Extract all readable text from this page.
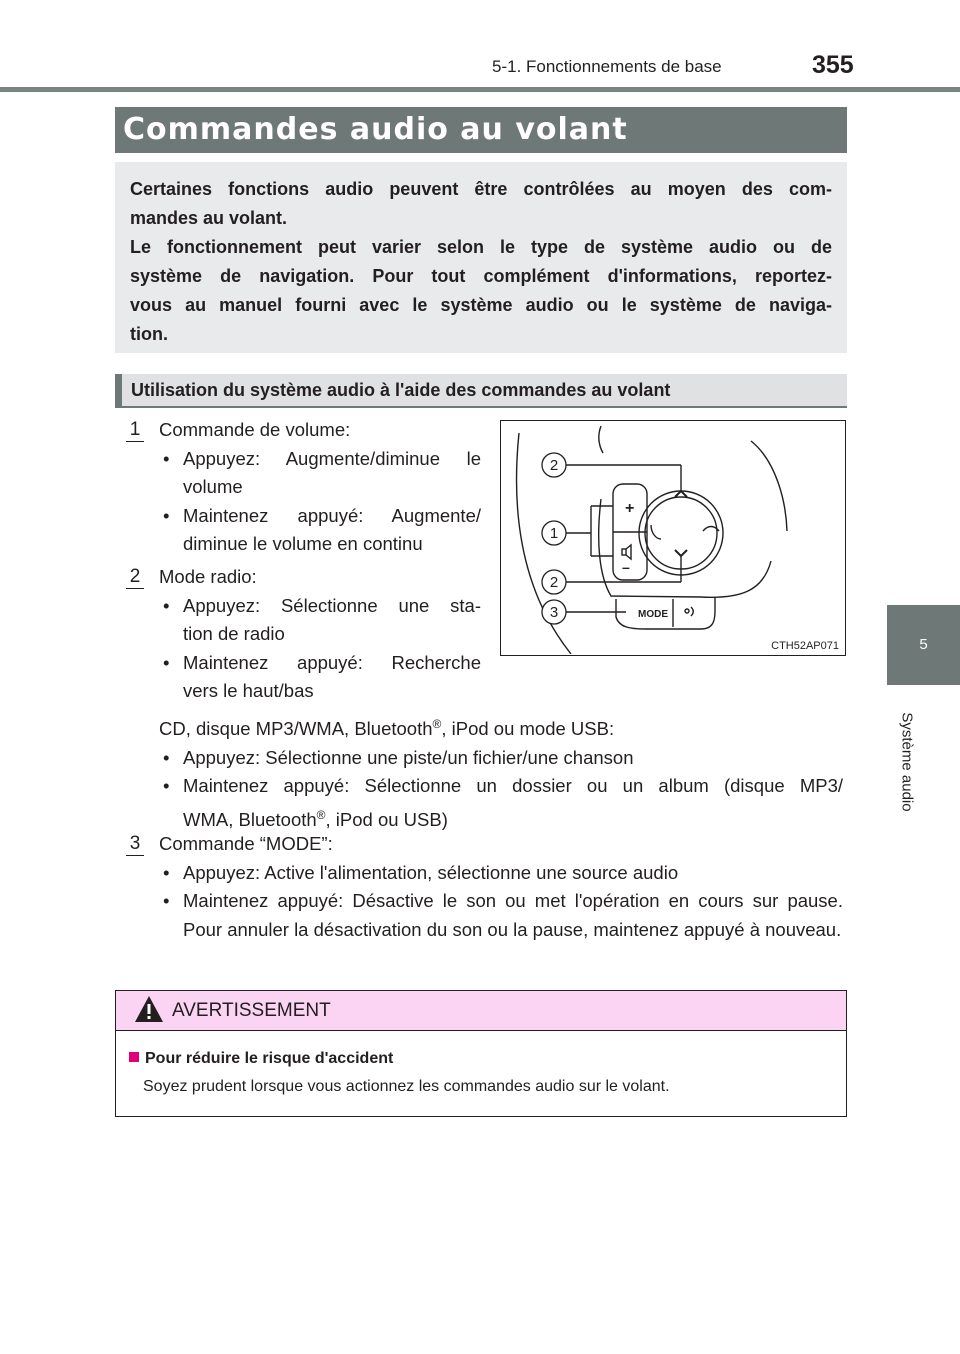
5-1. Fonctionnements de base	355
5
Système audio
Commandes audio au volant
Certaines fonctions audio peuvent être contrôlées au moyen des com-
mandes au volant.
Le fonctionnement peut varier selon le type de système audio ou de
système de navigation. Pour tout complément d'informations, reportez-
vous au manuel fourni avec le système audio ou le système de naviga-
tion.
Utilisation du système audio à l'aide des commandes au volant
1 Commande de volume:
• Appuyez: Augmente/diminue le
volume
• Maintenez appuyé: Augmente/
diminue le volume en continu
2 Mode radio:
• Appuyez: Sélectionne une sta-
tion de radio
• Maintenez appuyé: Recherche
vers le haut/bas
CD, disque MP3/WMA, Bluetooth®, iPod ou mode USB:
• Appuyez: Sélectionne une piste/un fichier/une chanson
• Maintenez appuyé: Sélectionne un dossier ou un album (disque MP3/
WMA, Bluetooth®, iPod ou USB)
3 Commande “MODE”:
• Appuyez: Active l'alimentation, sélectionne une source audio
• Maintenez appuyé: Désactive le son ou met l'opération en cours sur pause. Pour annuler la désactivation du son ou la pause, maintenez appuyé à nouveau.
+
–
MODE
2
1
2
3
CTH52AP071
AVERTISSEMENT
Pour réduire le risque d'accident
Soyez prudent lorsque vous actionnez les commandes audio sur le volant.
